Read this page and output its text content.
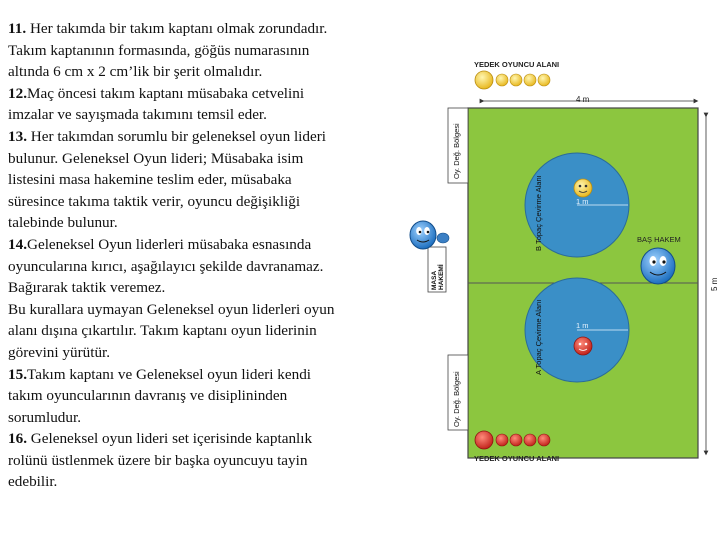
11. Her takımda bir takım kaptanı olmak zorundadır.

Takım kaptanının formasında, göğüs numarasının

altında 6 cm x 2 cm’lik bir şerit olmalıdır.

12.Maç öncesi takım kaptanı müsabaka cetvelini

imzalar ve sayışmada takımını temsil eder.

13. Her takımdan sorumlu bir geleneksel oyun lideri

bulunur. Geleneksel Oyun lideri; Müsabaka isim

listesini masa hakemine teslim eder, müsabaka

süresince takıma taktik verir, oyuncu değişikliği

talebinde bulunur.

14.Geleneksel Oyun liderleri müsabaka esnasında

oyuncularına kırıcı, aşağılayıcı şekilde davranamaz.

Bağırarak taktik veremez.

Bu kurallara uymayan Geleneksel oyun liderleri oyun

alanı dışına çıkartılır. Takım kaptanı oyun liderinin

görevini yürütür.

15.Takım kaptanı ve Geleneksel oyun lideri kendi

takım oyuncularının davranış ve disiplininden

sorumludur.

16. Geleneksel oyun lideri set içerisinde kaptanlık

rolünü üstlenmek üzere bir başka oyuncuyu tayin

edebilir.

YEDEK OYUNCU ALANI
4 m
YEDEK OYUNCU ALANI
BAŞ HAKEM
1 m
1 m
Oy. Değ. Bölgesi
Oy. Değ. Bölgesi
MASA HAKEMİ
B Topaç Çevirme Alanı
A Topaç Çevirme Alanı
5 m
